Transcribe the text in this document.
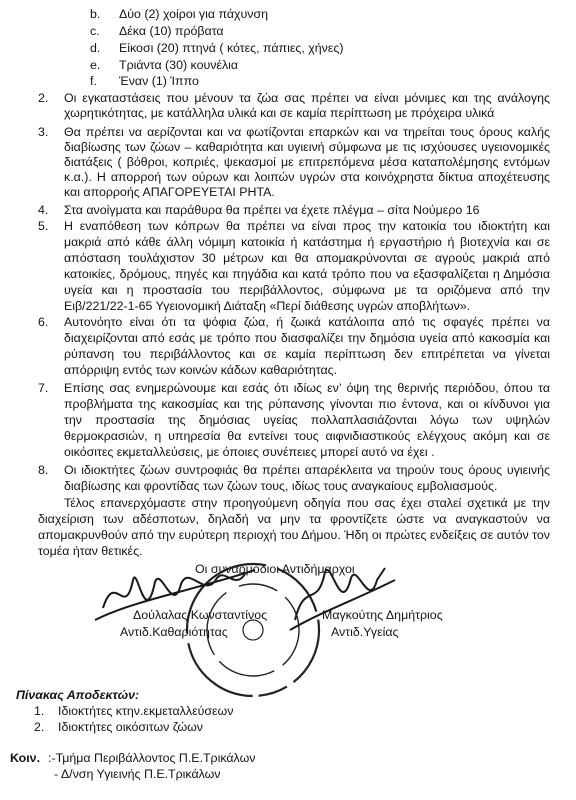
b. Δύο (2) χοίροι για πάχυνση
c. Δέκα (10) πρόβατα
d. Είκοσι (20) πτηνά ( κότες, πάπιες, χήνες)
e. Τριάντα (30) κουνέλια
f. Έναν (1) Ίππο
2. Οι εγκαταστάσεις που μένουν τα ζώα σας πρέπει να είναι μόνιμες και της ανάλογης
χωρητικότητας, με κατάλληλα υλικά και σε καμία περίπτωση με πρόχειρα υλικά
3. Θα πρέπει να αερίζονται και να φωτίζονται επαρκών και να τηρείται τους όρους καλής
διαβίωσης των ζώων – καθαριότητα και υγιεινή σύμφωνα με τις ισχύουσες υγειονομικές
διατάξεις ( βόθροι, κοπριές, ψεκασμοί με επιτρεπόμενα μέσα καταπολέμησης εντόμων
κ.α.). Η απορροή των ούρων και λοιπών υγρών στα κοινόχρηστα δίκτυα αποχέτευσης
και απορροής ΑΠΑΓΟΡΕΥΕΤΑΙ ΡΗΤΑ.
4. Στα ανοίγματα και παράθυρα θα πρέπει να έχετε πλέγμα – σίτα Νούμερο 16
5. Η εναπόθεση των κόπρων θα πρέπει να είναι προς την κατοικία του ιδιοκτήτη και
μακριά από κάθε άλλη νόμιμη κατοικία ή κατάστημα ή εργαστήριο ή βιοτεχνία και σε
απόσταση τουλάχιστον 30 μέτρων και θα απομακρύνονται σε αγρούς μακριά από
κατοικίες, δρόμους, πηγές και πηγάδια και κατά τρόπο που να εξασφαλίζεται η Δημόσια
υγεία και η προστασία του περιβάλλοντος, σύμφωνα με τα οριζόμενα από την
Ειβ/221/22-1-65 Υγειονομική Διάταξη «Περί διάθεσης υγρών αποβλήτων».
6. Αυτονόητο είναι ότι τα ψόφια ζώα, ή ζωικά κατάλοιπα από τις σφαγές πρέπει να
διαχειρίζονται από εσάς με τρόπο που διασφαλίζει την δημόσια υγεία από κακοσμία και
ρύπανση του περιβάλλοντος και σε καμία περίπτωση δεν επιτρέπεται να γίνεται
απόρριψη εντός των κοινών κάδων καθαριότητας.
7. Επίσης σας ενημερώνουμε και εσάς ότι ιδίως εν’ όψη της θερινής περιόδου, όπου τα
προβλήματα της κακοσμίας και της ρύπανσης γίνονται πιο έντονα, και οι κίνδυνοι για
την προστασία της δημόσιας υγείας πολλαπλασιάζονται λόγω των υψηλών
θερμοκρασιών, η υπηρεσία θα εντείνει τους αιφνιδιαστικούς ελέγχους ακόμη και σε
οικόσιτες εκμεταλλεύσεις, με όποιες συνέπειες μπορεί αυτό να έχει .
8. Οι ιδιοκτήτες ζώων συντροφιάς θα πρέπει απαρέκλειτα να τηρούν τους όρους υγιεινής
διαβίωσης και φροντίδας των ζώων τους, ιδίως τους αναγκαίους εμβολιασμούς.
Τέλος επανερχόμαστε στην προηγούμενη οδηγία που σας έχει σταλεί σχετικά με την
διαχείριση των αδέσποτων, δηλαδή να μην τα φροντίζετε ώστε να αναγκαστούν να
απομακρυνθούν από την ευρύτερη περιοχή του Δήμου. Ήδη οι πρώτες ενδείξεις σε αυτόν τον
τομέα ήταν θετικές.
Οι συναρμόδιοι Αντιδήμαρχοι
Δούλαλας Κωνσταντίνος
Αντιδ.Καθαριότητας
Μαγκούτης Δημήτριος
Αντιδ.Υγείας
Πίνακας Αποδεκτών:
1. Ιδιοκτήτες κτην.εκμεταλλεύσεων
2. Ιδιοκτήτες οικόσιτων ζώων
Κοιν. :-Τμήμα Περιβάλλοντος Π.Ε.Τρικάλων
- Δ/νση Υγιεινής Π.Ε.Τρικάλων
